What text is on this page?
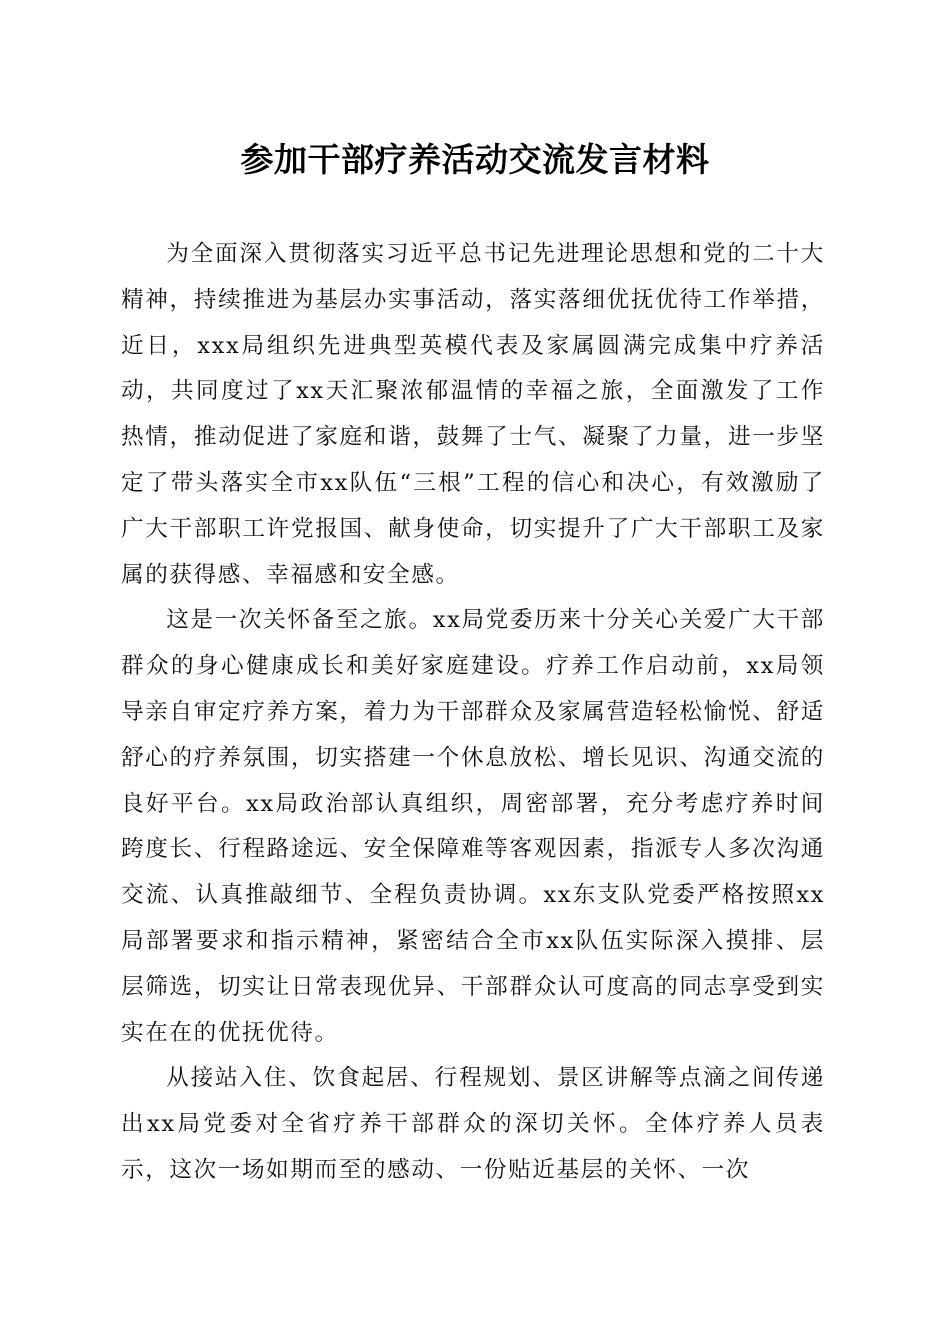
参加干部疗养活动交流发言材料

为全面深入贯彻落实习近平总书记先进理论思想和党的二十大精神，持续推进为基层办实事活动，落实落细优抚优待工作举措，近日，xxx局组织先进典型英模代表及家属圆满完成集中疗养活动，共同度过了xx天汇聚浓郁温情的幸福之旅，全面激发了工作热情，推动促进了家庭和谐，鼓舞了士气、凝聚了力量，进一步坚定了带头落实全市xx队伍“三根”工程的信心和决心，有效激励了广大干部职工许党报国、献身使命，切实提升了广大干部职工及家属的获得感、幸福感和安全感。

这是一次关怀备至之旅。xx局党委历来十分关心关爱广大干部群众的身心健康成长和美好家庭建设。疗养工作启动前，xx局领导亲自审定疗养方案，着力为干部群众及家属营造轻松愉悦、舒适舒心的疗养氛围，切实搭建一个休息放松、增长见识、沟通交流的良好平台。xx局政治部认真组织，周密部署，充分考虑疗养时间跨度长、行程路途远、安全保障难等客观因素，指派专人多次沟通交流、认真推敲细节、全程负责协调。xx东支队党委严格按照xx局部署要求和指示精神，紧密结合全市xx队伍实际深入摸排、层层筛选，切实让日常表现优异、干部群众认可度高的同志享受到实实在在的优抚优待。

从接站入住、饮食起居、行程规划、景区讲解等点滴之间传递出xx局党委对全省疗养干部群众的深切关怀。全体疗养人员表示，这次一场如期而至的感动、一份贴近基层的关怀、一次
